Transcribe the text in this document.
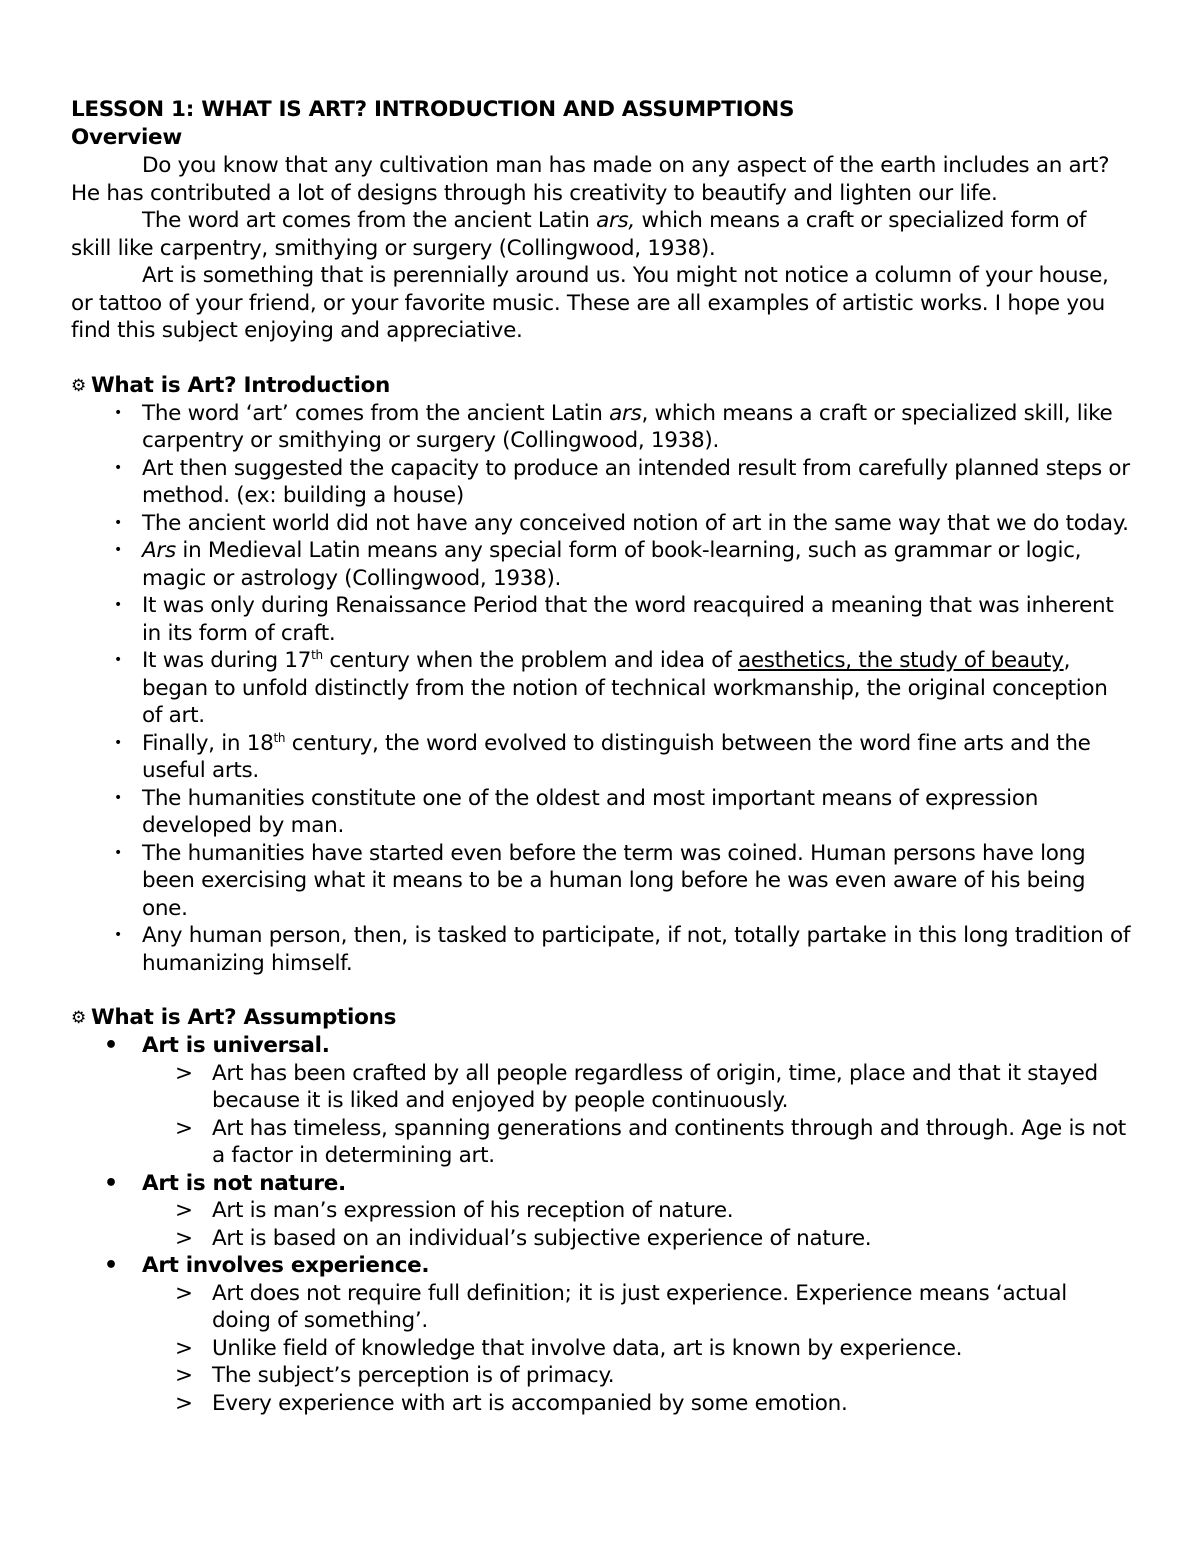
LESSON 1: WHAT IS ART? INTRODUCTION AND ASSUMPTIONS
Overview

Do you know that any cultivation man has made on any aspect of the earth includes an art? He has contributed a lot of designs through his creativity to beautify and lighten our life.

The word art comes from the ancient Latin ars, which means a craft or specialized form of skill like carpentry, smithying or surgery (Collingwood, 1938).

Art is something that is perennially around us. You might not notice a column of your house, or tattoo of your friend, or your favorite music. These are all examples of artistic works. I hope you find this subject enjoying and appreciative.

⚙ What is Art? Introduction
• The word ‘art’ comes from the ancient Latin ars, which means a craft or specialized skill, like carpentry or smithying or surgery (Collingwood, 1938).
• Art then suggested the capacity to produce an intended result from carefully planned steps or method. (ex: building a house)
• The ancient world did not have any conceived notion of art in the same way that we do today.
• Ars in Medieval Latin means any special form of book-learning, such as grammar or logic, magic or astrology (Collingwood, 1938).
• It was only during Renaissance Period that the word reacquired a meaning that was inherent in its form of craft.
• It was during 17th century when the problem and idea of aesthetics, the study of beauty, began to unfold distinctly from the notion of technical workmanship, the original conception of art.
• Finally, in 18th century, the word evolved to distinguish between the word fine arts and the useful arts.
• The humanities constitute one of the oldest and most important means of expression developed by man.
• The humanities have started even before the term was coined. Human persons have long been exercising what it means to be a human long before he was even aware of his being one.
• Any human person, then, is tasked to participate, if not, totally partake in this long tradition of humanizing himself.
⚙ What is Art? Assumptions
• Art is universal.
> Art has been crafted by all people regardless of origin, time, place and that it stayed because it is liked and enjoyed by people continuously.
> Art has timeless, spanning generations and continents through and through. Age is not a factor in determining art.
• Art is not nature.
> Art is man’s expression of his reception of nature.
> Art is based on an individual’s subjective experience of nature.
• Art involves experience.
> Art does not require full definition; it is just experience. Experience means ‘actual doing of something’.
> Unlike field of knowledge that involve data, art is known by experience.
> The subject’s perception is of primacy.
> Every experience with art is accompanied by some emotion.
